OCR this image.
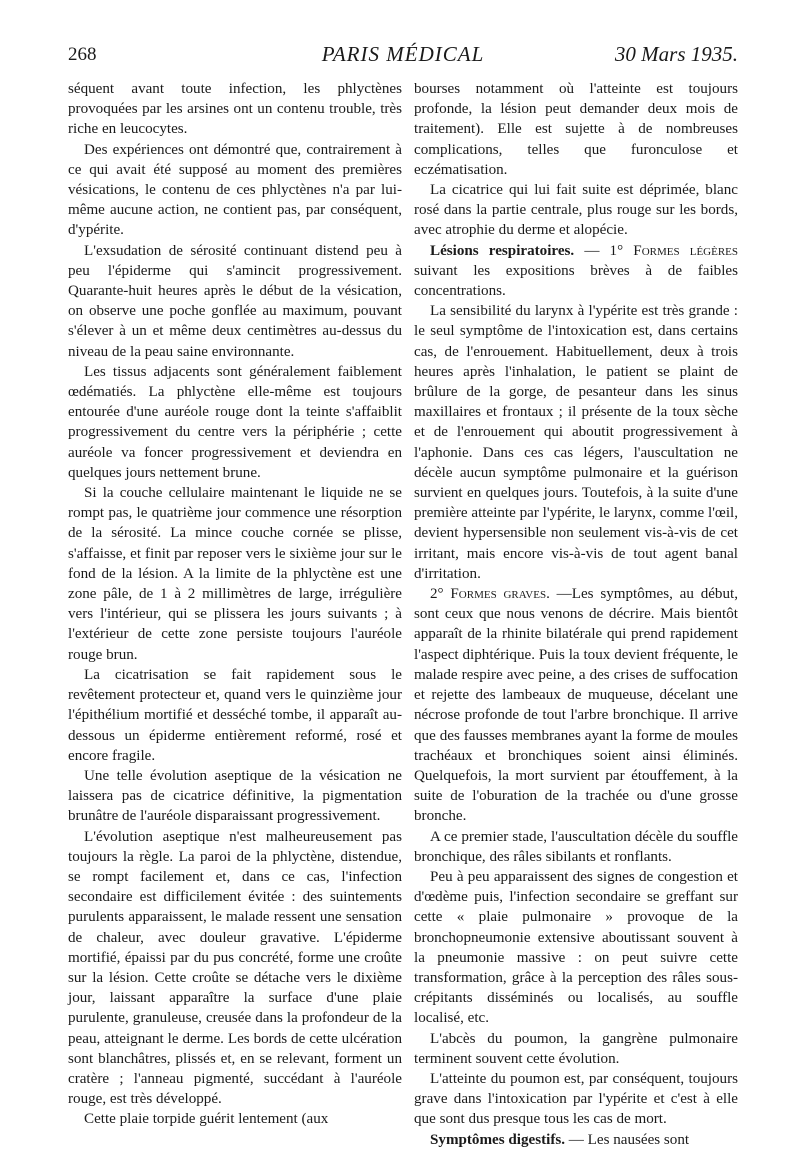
268	PARIS MÉDICAL	30 Mars 1935.

séquent avant toute infection, les phlyctènes provoquées par les arsines ont un contenu trouble, très riche en leucocytes.

Des expériences ont démontré que, contrairement à ce qui avait été supposé au moment des premières vésications, le contenu de ces phlyctènes n'a par lui-même aucune action, ne contient pas, par conséquent, d'ypérite.

L'exsudation de sérosité continuant distend peu à peu l'épiderme qui s'amincit progressivement. Quarante-huit heures après le début de la vésication, on observe une poche gonflée au maximum, pouvant s'élever à un et même deux centimètres au-dessus du niveau de la peau saine environnante.

Les tissus adjacents sont généralement faiblement œdématiés. La phlyctène elle-même est toujours entourée d'une auréole rouge dont la teinte s'affaiblit progressivement du centre vers la périphérie ; cette auréole va foncer progressivement et deviendra en quelques jours nettement brune.

Si la couche cellulaire maintenant le liquide ne se rompt pas, le quatrième jour commence une résorption de la sérosité. La mince couche cornée se plisse, s'affaisse, et finit par reposer vers le sixième jour sur le fond de la lésion. A la limite de la phlyctène est une zone pâle, de 1 à 2 millimètres de large, irrégulière vers l'intérieur, qui se plissera les jours suivants ; à l'extérieur de cette zone persiste toujours l'auréole rouge brun.

La cicatrisation se fait rapidement sous le revêtement protecteur et, quand vers le quinzième jour l'épithélium mortifié et desséché tombe, il apparaît au-dessous un épiderme entièrement reformé, rosé et encore fragile.

Une telle évolution aseptique de la vésication ne laissera pas de cicatrice définitive, la pigmentation brunâtre de l'auréole disparaissant progressivement.

L'évolution aseptique n'est malheureusement pas toujours la règle. La paroi de la phlyctène, distendue, se rompt facilement et, dans ce cas, l'infection secondaire est difficilement évitée : des suintements purulents apparaissent, le malade ressent une sensation de chaleur, avec douleur gravative. L'épiderme mortifié, épaissi par du pus concrété, forme une croûte sur la lésion. Cette croûte se détache vers le dixième jour, laissant apparaître la surface d'une plaie purulente, granuleuse, creusée dans la profondeur de la peau, atteignant le derme. Les bords de cette ulcération sont blanchâtres, plissés et, en se relevant, forment un cratère ; l'anneau pigmenté, succédant à l'auréole rouge, est très développé.

Cette plaie torpide guérit lentement (aux

bourses notamment où l'atteinte est toujours profonde, la lésion peut demander deux mois de traitement). Elle est sujette à de nombreuses complications, telles que furonculose et eczématisation.

La cicatrice qui lui fait suite est déprimée, blanc rosé dans la partie centrale, plus rouge sur les bords, avec atrophie du derme et alopécie.

Lésions respiratoires. — 1° Formes légères suivant les expositions brèves à de faibles concentrations.

La sensibilité du larynx à l'ypérite est très grande : le seul symptôme de l'intoxication est, dans certains cas, de l'enrouement. Habituellement, deux à trois heures après l'inhalation, le patient se plaint de brûlure de la gorge, de pesanteur dans les sinus maxillaires et frontaux ; il présente de la toux sèche et de l'enrouement qui aboutit progressivement à l'aphonie. Dans ces cas légers, l'auscultation ne décèle aucun symptôme pulmonaire et la guérison survient en quelques jours. Toutefois, à la suite d'une première atteinte par l'ypérite, le larynx, comme l'œil, devient hypersensible non seulement vis-à-vis de cet irritant, mais encore vis-à-vis de tout agent banal d'irritation.

2° Formes graves. —Les symptômes, au début, sont ceux que nous venons de décrire. Mais bientôt apparaît de la rhinite bilatérale qui prend rapidement l'aspect diphtérique. Puis la toux devient fréquente, le malade respire avec peine, a des crises de suffocation et rejette des lambeaux de muqueuse, décelant une nécrose profonde de tout l'arbre bronchique. Il arrive que des fausses membranes ayant la forme de moules trachéaux et bronchiques soient ainsi éliminés. Quelquefois, la mort survient par étouffement, à la suite de l'oburation de la trachée ou d'une grosse bronche.

A ce premier stade, l'auscultation décèle du souffle bronchique, des râles sibilants et ronflants.

Peu à peu apparaissent des signes de congestion et d'œdème puis, l'infection secondaire se greffant sur cette « plaie pulmonaire » provoque de la bronchopneumonie extensive aboutissant souvent à la pneumonie massive : on peut suivre cette transformation, grâce à la perception des râles sous-crépitants disséminés ou localisés, au souffle localisé, etc.

L'abcès du poumon, la gangrène pulmonaire terminent souvent cette évolution.

L'atteinte du poumon est, par conséquent, toujours grave dans l'intoxication par l'ypérite et c'est à elle que sont dus presque tous les cas de mort.

Symptômes digestifs. — Les nausées sont
